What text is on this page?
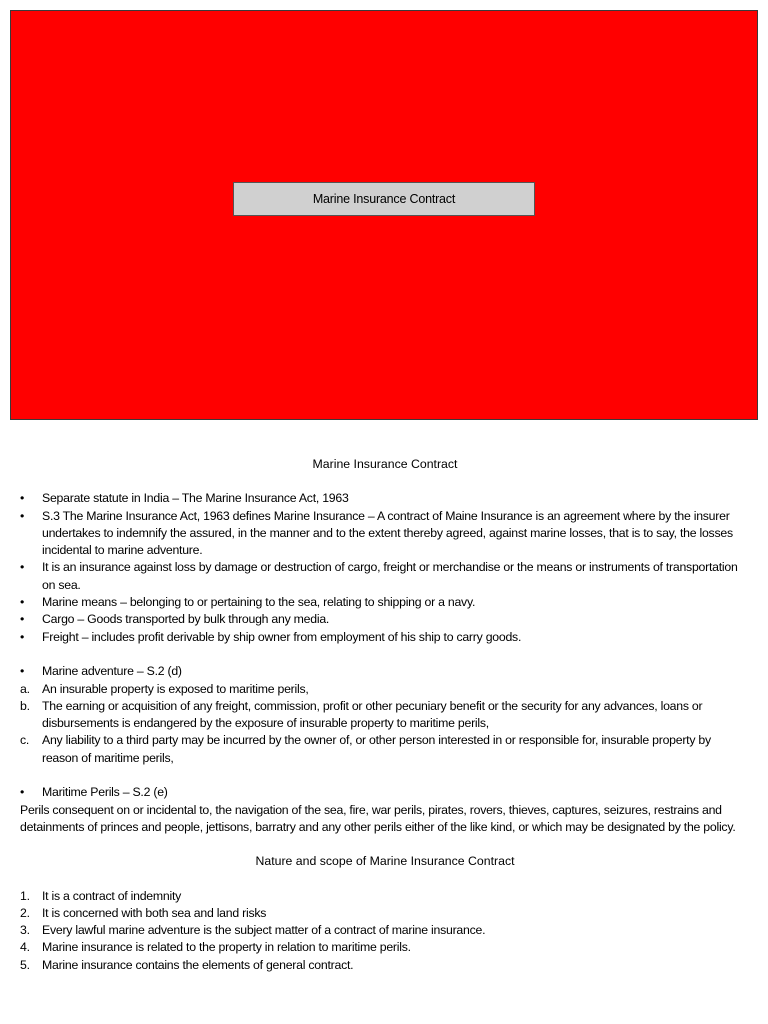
Marine Insurance Contract
Marine Insurance Contract
• Separate statute in India – The Marine Insurance Act, 1963
• S.3 The Marine Insurance Act, 1963 defines Marine Insurance – A contract of Maine Insurance is an agreement where by the insurer undertakes to indemnify the assured, in the manner and to the extent thereby agreed, against marine losses, that is to say, the losses incidental to marine adventure.
• It is an insurance against loss by damage or destruction of cargo, freight or merchandise or the means or instruments of transportation on sea.
• Marine means – belonging to or pertaining to the sea, relating to shipping or a navy.
• Cargo – Goods transported by bulk through any media.
• Freight – includes profit derivable by ship owner from employment of his ship to carry goods.
• Marine adventure – S.2 (d)
a. An insurable property is exposed to maritime perils,
b. The earning or acquisition of any freight, commission, profit or other pecuniary benefit or the security for any advances, loans or disbursements is endangered by the exposure of insurable property to maritime perils,
c. Any liability to a third party may be incurred by the owner of, or other person interested in or responsible for, insurable property by reason of maritime perils,
• Maritime Perils – S.2 (e)

Perils consequent on or incidental to, the navigation of the sea, fire, war perils, pirates, rovers, thieves, captures, seizures, restrains and detainments of princes and people, jettisons, barratry and any other perils either of the like kind, or which may be designated by the policy.

Nature and scope of Marine Insurance Contract
1. It is a contract of indemnity
2. It is concerned with both sea and land risks
3. Every lawful marine adventure is the subject matter of a contract of marine insurance.
4. Marine insurance is related to the property in relation to maritime perils.
5. Marine insurance contains the elements of general contract.
